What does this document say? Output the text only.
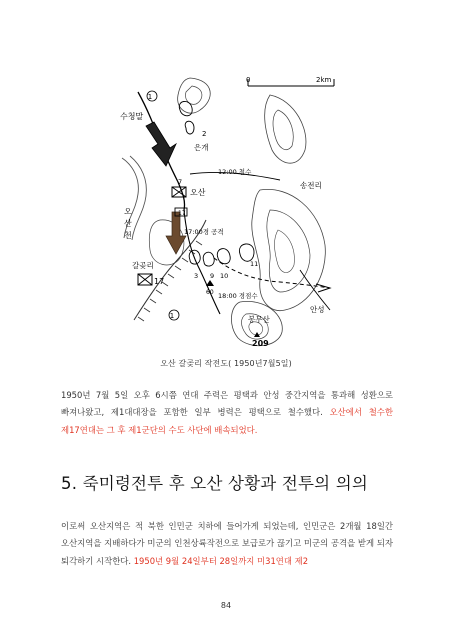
0	2km
1
수청말
2
은개
12:00 철수
송전리
오산
7
오
산
천
17
17:00경 공격
갈곶리
17
3 9 10
11
60 18:00 경점수
봉무산
209
안성
1
오산 갈곶리 작전도( 1950년7월5일)
1950년 7월 5일 오후 6시쯤 연대 주력은 평택과 안성 중간지역을 통과해 성환으로 빠져나왔고, 제1대대장을 포함한 일부 병력은 평택으로 철수했다. 오산에서 철수한 제17연대는 그 후 제1군단의 수도 사단에 배속되었다.
5. 죽미령전투 후 오산 상황과 전투의 의의
이로써 오산지역은 적 북한 인민군 치하에 들어가게 되었는데, 인민군은 2개월 18일간 오산지역을 지배하다가 미군의 인천상륙작전으로 보급로가 끊기고 미군의 공격을 받게 되자 퇴각하기 시작한다. 1950년 9월 24일부터 28일까지 미31연대 제2
84
